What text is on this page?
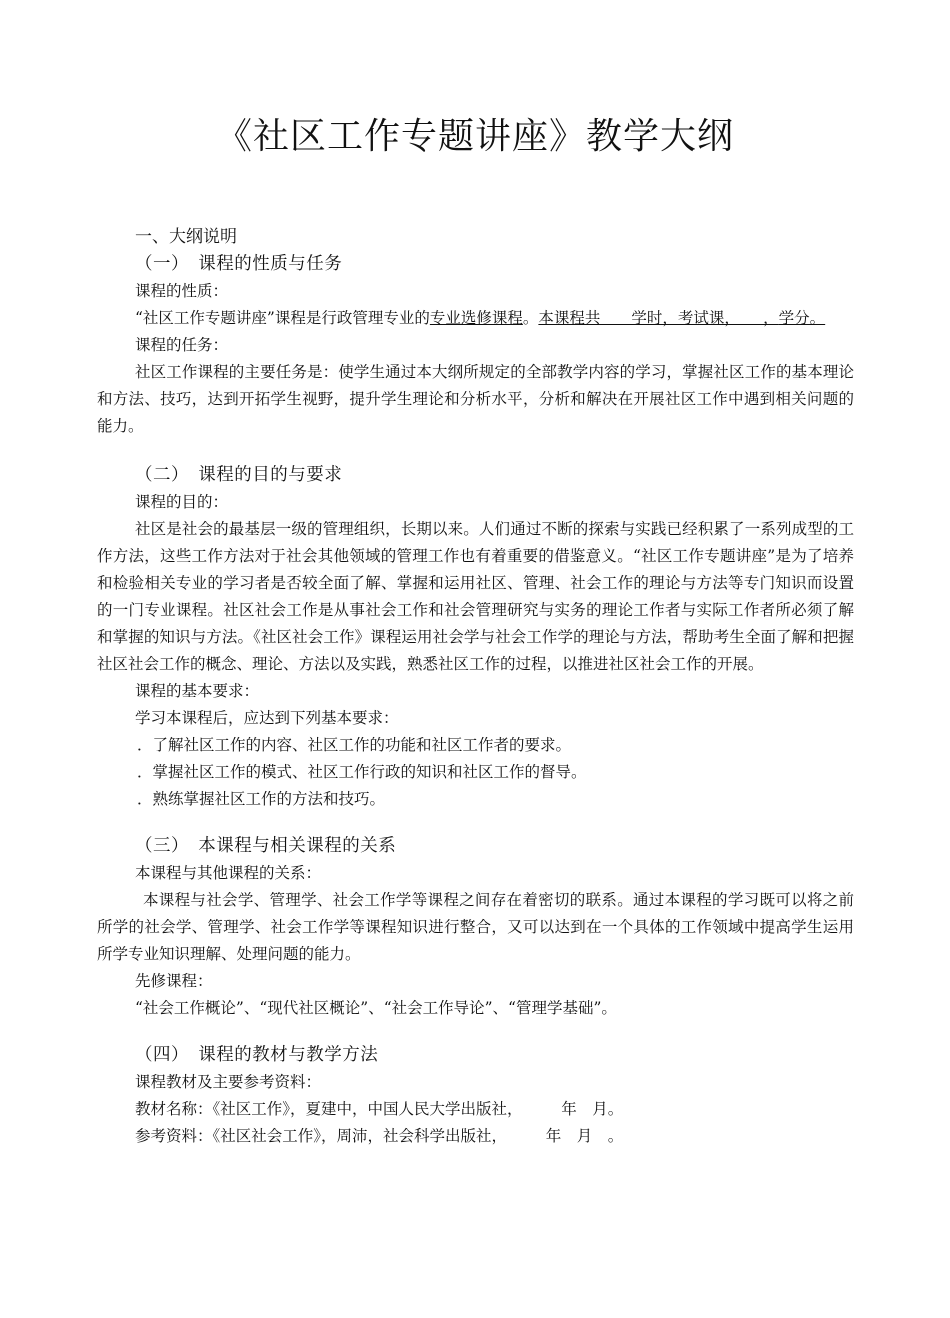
《社区工作专题讲座》教学大纲
一、大纲说明
（一）　课程的性质与任务
课程的性质：
“社区工作专题讲座”课程是行政管理专业的专业选修课程。本课程共　　学时，考试课，　　，学分。
课程的任务：
社区工作课程的主要任务是：使学生通过本大纲所规定的全部教学内容的学习，掌握社区工作的基本理论和方法、技巧，达到开拓学生视野，提升学生理论和分析水平，分析和解决在开展社区工作中遇到相关问题的能力。
（二）　课程的目的与要求
课程的目的：
社区是社会的最基层一级的管理组织，长期以来。人们通过不断的探索与实践已经积累了一系列成型的工作方法，这些工作方法对于社会其他领域的管理工作也有着重要的借鉴意义。“社区工作专题讲座”是为了培养和检验相关专业的学习者是否较全面了解、掌握和运用社区、管理、社会工作的理论与方法等专门知识而设置的一门专业课程。社区社会工作是从事社会工作和社会管理研究与实务的理论工作者与实际工作者所必须了解和掌握的知识与方法。《社区社会工作》课程运用社会学与社会工作学的理论与方法，帮助考生全面了解和把握社区社会工作的概念、理论、方法以及实践，熟悉社区工作的过程，以推进社区社会工作的开展。
课程的基本要求：
学习本课程后，应达到下列基本要求：
．了解社区工作的内容、社区工作的功能和社区工作者的要求。
．掌握社区工作的模式、社区工作行政的知识和社区工作的督导。
．熟练掌握社区工作的方法和技巧。
（三）　本课程与相关课程的关系
本课程与其他课程的关系：
本课程与社会学、管理学、社会工作学等课程之间存在着密切的联系。通过本课程的学习既可以将之前所学的社会学、管理学、社会工作学等课程知识进行整合，又可以达到在一个具体的工作领域中提高学生运用所学专业知识理解、处理问题的能力。
先修课程：
“社会工作概论”、“现代社区概论”、“社会工作导论”、“管理学基础”。
（四）　课程的教材与教学方法
课程教材及主要参考资料：
教材名称：《社区工作》，夏建中，中国人民大学出版社，　　　年　月。
参考资料：《社区社会工作》，周沛，社会科学出版社，　　　年　月　。
